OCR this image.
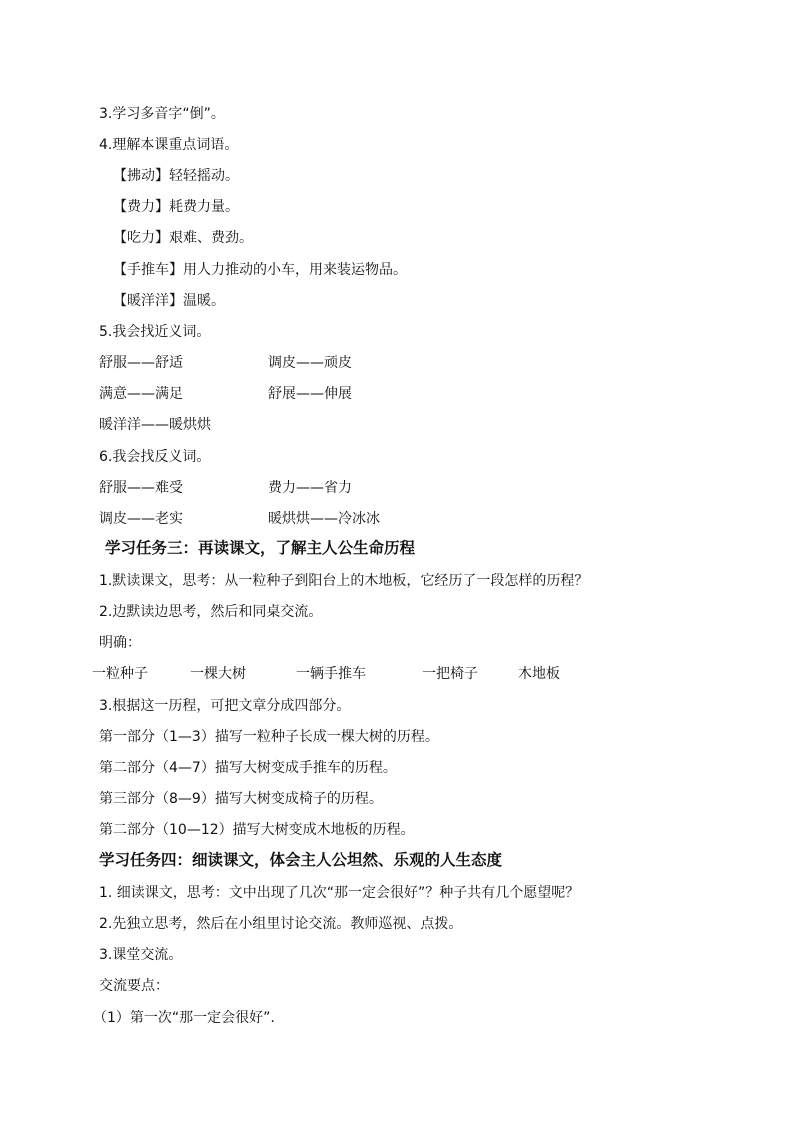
3.学习多音字“倒”。
4.理解本课重点词语。
【拂动】轻轻摇动。
【费力】耗费力量。
【吃力】艰难、费劲。
【手推车】用人力推动的小车，用来装运物品。
【暖洋洋】温暖。
5.我会找近义词。
舒服——舒适	调皮——顽皮
满意——满足	舒展——伸展
暖洋洋——暖烘烘
6.我会找反义词。
舒服——难受	费力——省力
调皮——老实	暖烘烘——冷冰冰
学习任务三：再读课文，了解主人公生命历程
1.默读课文，思考：从一粒种子到阳台上的木地板，它经历了一段怎样的历程？
2.边默读边思考，然后和同桌交流。
明确：
一粒种子	一棵大树	一辆手推车	一把椅子	木地板
3.根据这一历程，可把文章分成四部分。
第一部分（1—3）描写一粒种子长成一棵大树的历程。
第二部分（4—7）描写大树变成手推车的历程。
第三部分（8—9）描写大树变成椅子的历程。
第二部分（10—12）描写大树变成木地板的历程。
学习任务四：细读课文，体会主人公坦然、乐观的人生态度
1. 细读课文，思考：文中出现了几次“那一定会很好”？种子共有几个愿望呢？
2.先独立思考，然后在小组里讨论交流。教师巡视、点拨。
3.课堂交流。
交流要点：
（1）第一次“那一定会很好”.
